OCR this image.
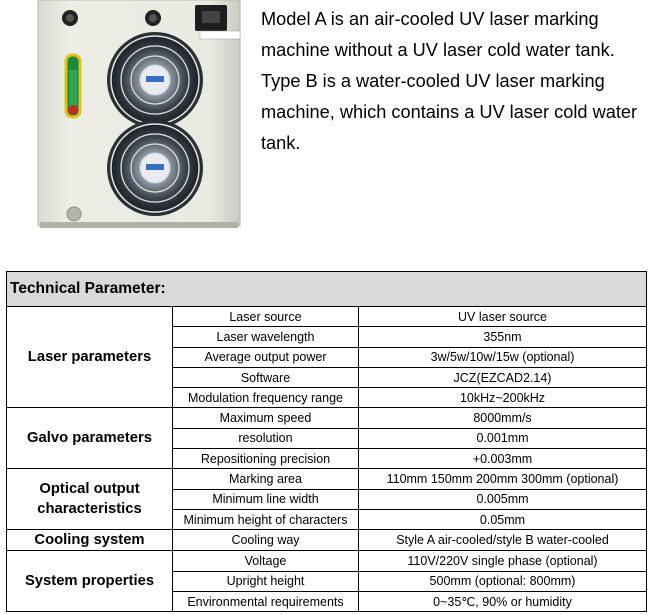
Model A is an air-cooled UV laser marking machine without a UV laser cold water tank. Type B is a water-cooled UV laser marking machine, which contains a UV laser cold water tank.

Technical Parameter:		
Laser parameters	Laser source	UV laser source
	Laser wavelength	355nm
	Average output power	3w/5w/10w/15w (optional)
	Software	JCZ(EZCAD2.14)
	Modulation frequency range	10kHz~200kHz
Galvo parameters	Maximum speed	8000mm/s
	resolution	0.001mm
	Repositioning precision	+0.003mm
Optical output characteristics	Marking area	110mm 150mm 200mm 300mm (optional)
	Minimum line width	0.005mm
	Minimum height of characters	0.05mm
Cooling system	Cooling way	Style A air-cooled/style B water-cooled
System properties	Voltage	110V/220V single phase (optional)
	Upright height	500mm (optional: 800mm)
	Environmental requirements	0~35℃, 90% or humidity
